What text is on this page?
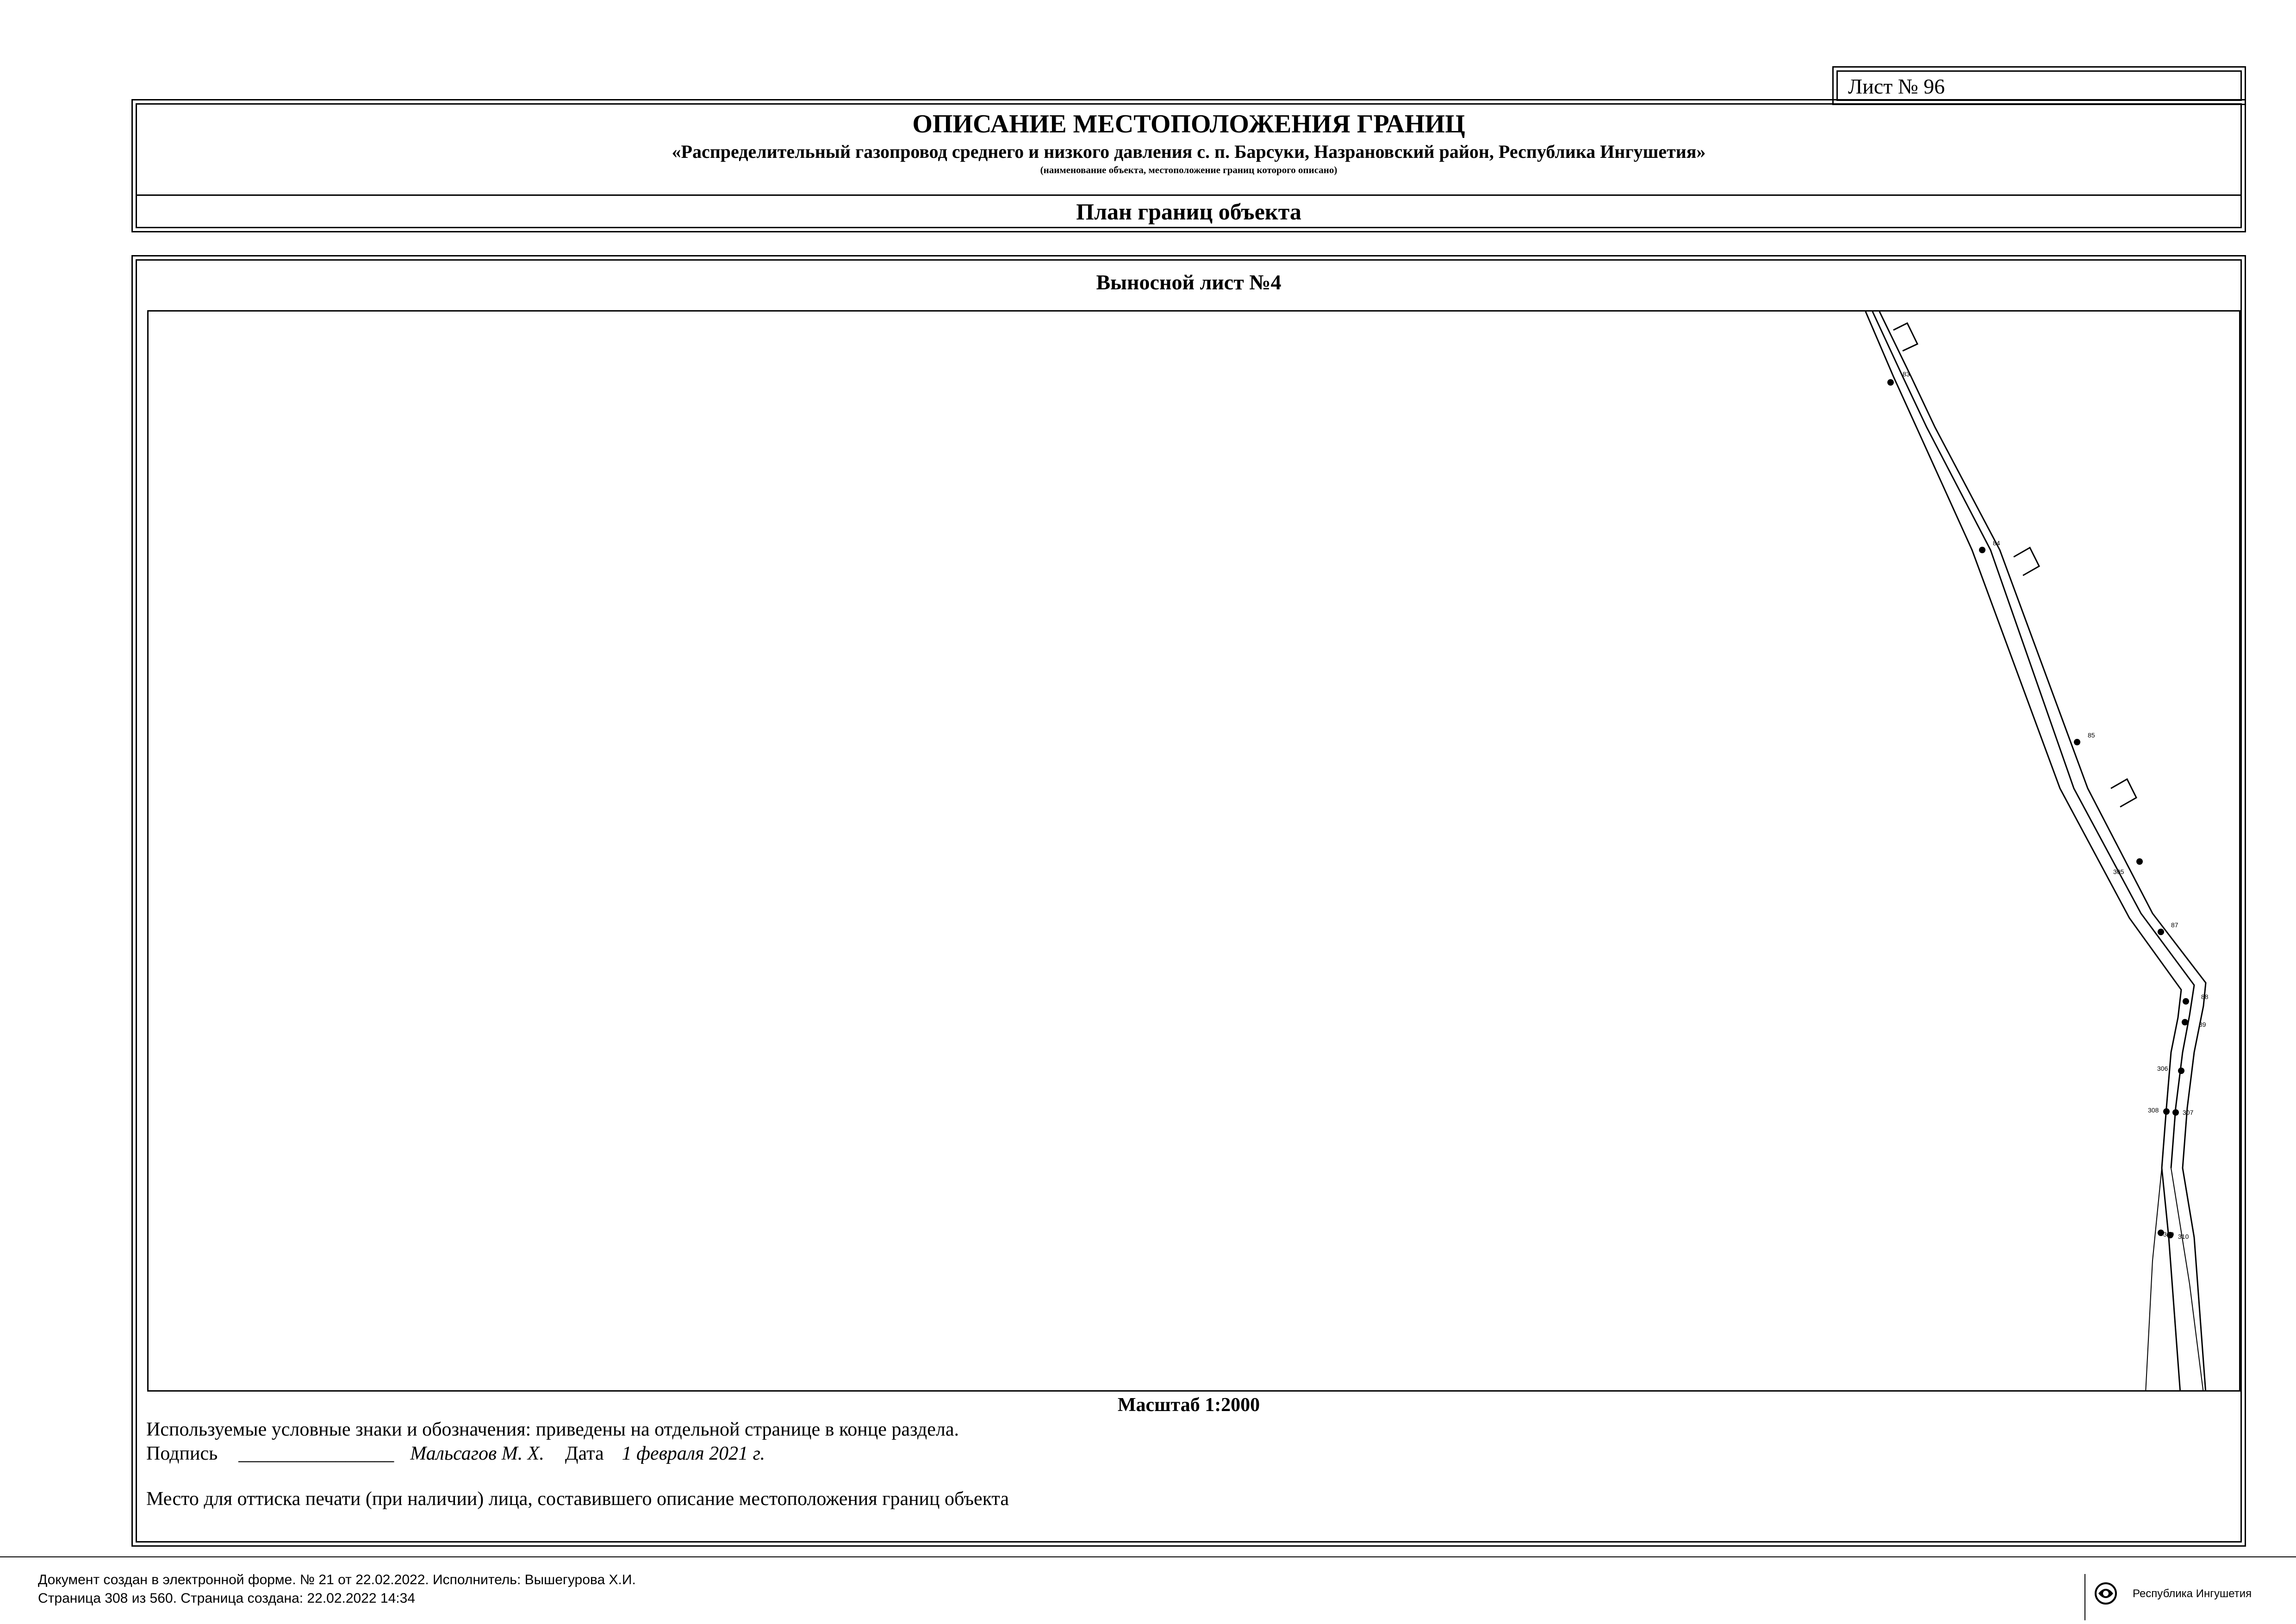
Лист № 96
ОПИСАНИЕ МЕСТОПОЛОЖЕНИЯ ГРАНИЦ
«Распределительный газопровод среднего и низкого давления с. п. Барсуки, Назрановский район, Республика Ингушетия»
(наименование объекта, местоположение границ которого описано)
План границ объекта
Выносной лист №4
83
84
85
305
87
88
89
306
307
308
309 310
Масштаб 1:2000
Используемые условные знаки и обозначения: приведены на отдельной странице в конце раздела.
Подпись ________________ Мальсагов М. Х. Дата 1 февраля 2021 г.
Место для оттиска печати (при наличии) лица, составившего описание местоположения границ объекта
Документ создан в электронной форме. № 21 от 22.02.2022. Исполнитель: Вышегурова Х.И.
Страница 308 из 560. Страница создана: 22.02.2022 14:34	Республика Ингушетия
